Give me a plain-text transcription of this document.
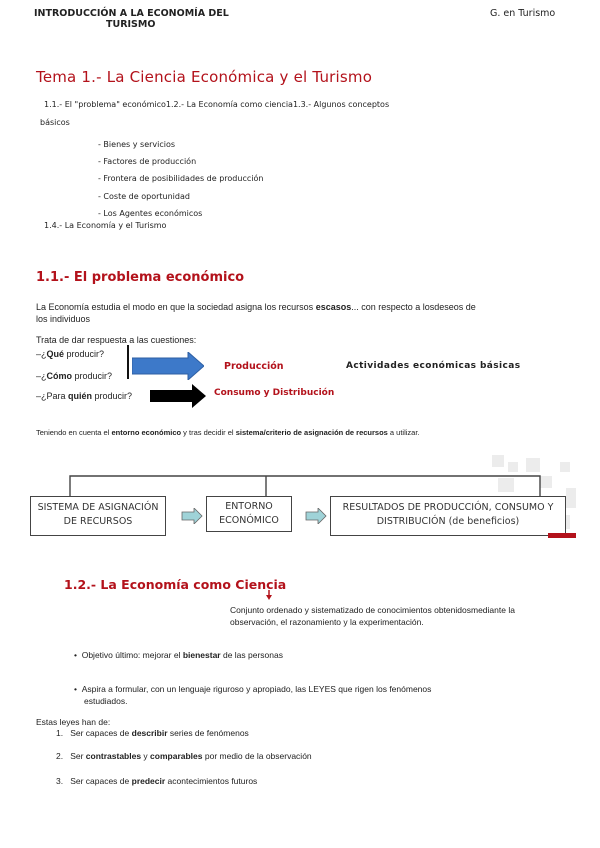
INTRODUCCIÓN A LA ECONOMÍA DEL
TURISMO
G. en Turismo
Tema 1.- La Ciencia Económica y el Turismo
1.1.- El "problema" económico1.2.- La Economía como ciencia1.3.- Algunos conceptos
básicos
- Bienes y servicios
- Factores de producción
- Frontera de posibilidades de producción
- Coste de oportunidad
- Los Agentes económicos
1.4.- La Economía y el Turismo
1.1.- El problema económico
La Economía estudia el modo en que la sociedad asigna los recursos escasos... con respecto a losdeseos de
los individuos
Trata de dar respuesta a las cuestiones:
–¿Qué producir?
–¿Cómo producir?
–¿Para quién producir?
Producción	Actividades económicas básicas
Consumo y Distribución
Teniendo en cuenta el entorno económico y tras decidir el sistema/criterio de asignación de recursos a utilizar.
SISTEMA DE ASIGNACIÓN
DE RECURSOS
ENTORNO
ECONÓMICO
RESULTADOS DE PRODUCCIÓN, CONSUMO Y
DISTRIBUCIÓN (de beneficios)
1.2.- La Economía como Ciencia
Conjunto ordenado y sistematizado de conocimientos obtenidosmediante la
observación, el razonamiento y la experimentación.
• Objetivo último: mejorar el bienestar de las personas
• Aspira a formular, con un lenguaje riguroso y apropiado, las LEYES que rigen los fenómenos
estudiados.
Estas leyes han de:
1. Ser capaces de describir series de fenómenos
2. Ser contrastables y comparables por medio de la observación
3. Ser capaces de predecir acontecimientos futuros
